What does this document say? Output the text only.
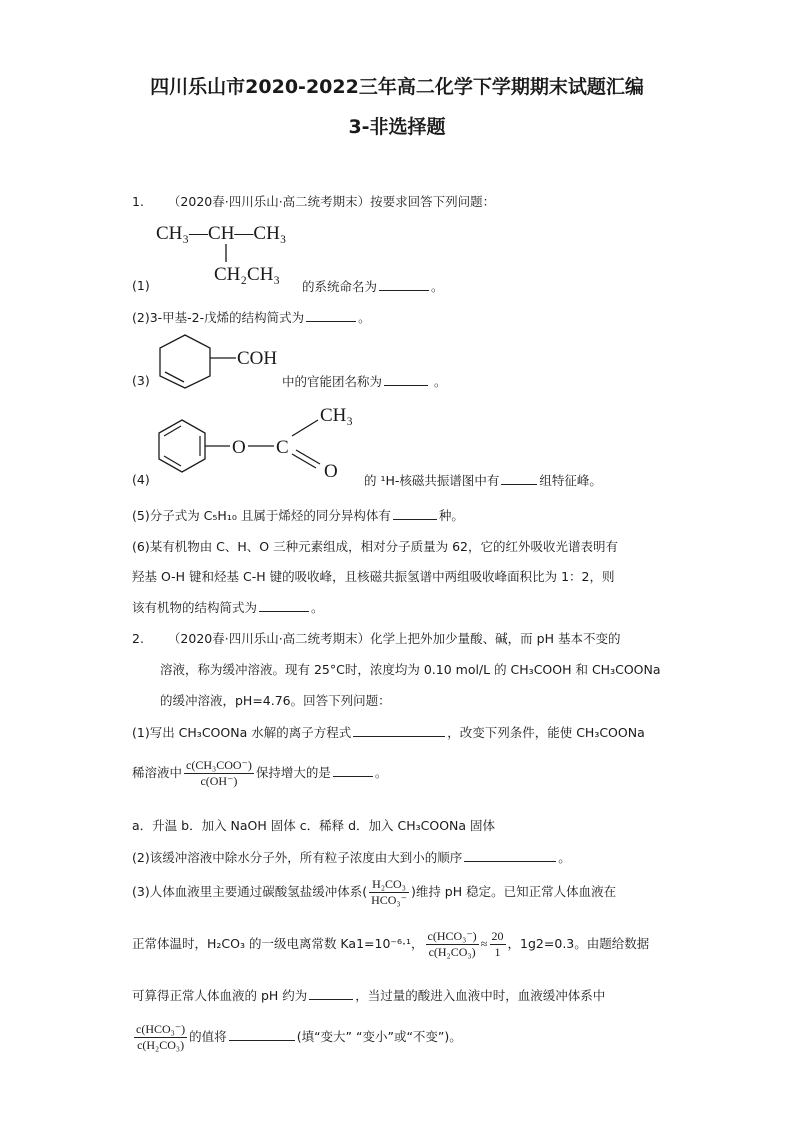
四川乐山市2020-2022三年高二化学下学期期末试题汇编
3-非选择题
1. （2020春·四川乐山·高二统考期末）按要求回答下列问题：
CH₃—CH—CH₃
CH₂CH₃
(1)	的系统命名为	。
(2)3-甲基-2-戊烯的结构简式为	。
COH
(3)	中的官能团名称为	。
O C
CH₃
O
(4)	的 ¹H-核磁共振谱图中有	组特征峰。
(5)分子式为 C₅H₁₀ 且属于烯烃的同分异构体有	种。
(6)某有机物由 C、H、O 三种元素组成，相对分子质量为 62，它的红外吸收光谱表明有
羟基 O-H 键和烃基 C-H 键的吸收峰，且核磁共振氢谱中两组吸收峰面积比为 1：2，则
该有机物的结构简式为	。
2. （2020春·四川乐山·高二统考期末）化学上把外加少量酸、碱，而 pH 基本不变的
溶液，称为缓冲溶液。现有 25°C时，浓度均为 0.10 mol/L 的 CH₃COOH 和 CH₃COONa
的缓冲溶液，pH=4.76。回答下列问题：
(1)写出 CH₃COONa 水解的离子方程式	，改变下列条件，能使 CH₃COONa
稀溶液中 $\frac{\text{c(CH₃COO⁻)}}{c(OH^-)}$ 保持增大的是	。
a．升温 b．加入 NaOH 固体 c．稀释 d．加入 CH₃COONa 固体
(2)该缓冲溶液中除水分子外，所有粒子浓度由大到小的顺序	。
(3)人体血液里主要通过碳酸氢盐缓冲体系( $\frac{\text{H₂CO₃}}{\text{HCO₃⁻}}$ )维持 pH 稳定。已知正常人体血液在
正常体温时，H₂CO₃ 的一级电离常数 Ka1=10⁻⁶·¹， $\frac{\text{c(HCO₃⁻)}}{\text{c(H₂CO₃)}} \approx \frac{20}{1}$ ，1g2=0.3。由题给数据
可算得正常人体血液的 pH 约为	，当过量的酸进入血液中时，血液缓冲体系中
$\frac{\text{c(HCO₃⁻)}}{\text{c(H₂CO₃)}}$ 的值将	(填“变大” “变小”或“不变”)。
